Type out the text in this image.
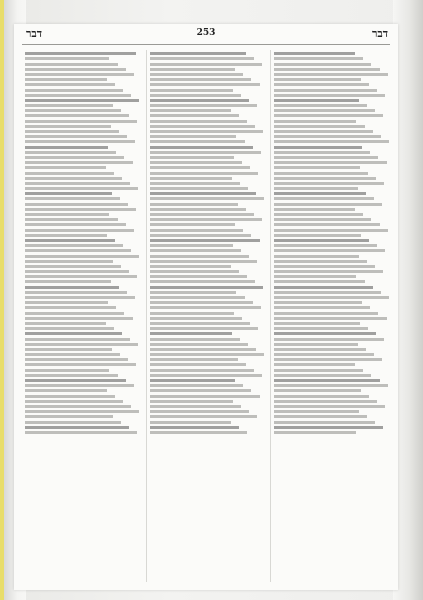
דבר	253	דבר
